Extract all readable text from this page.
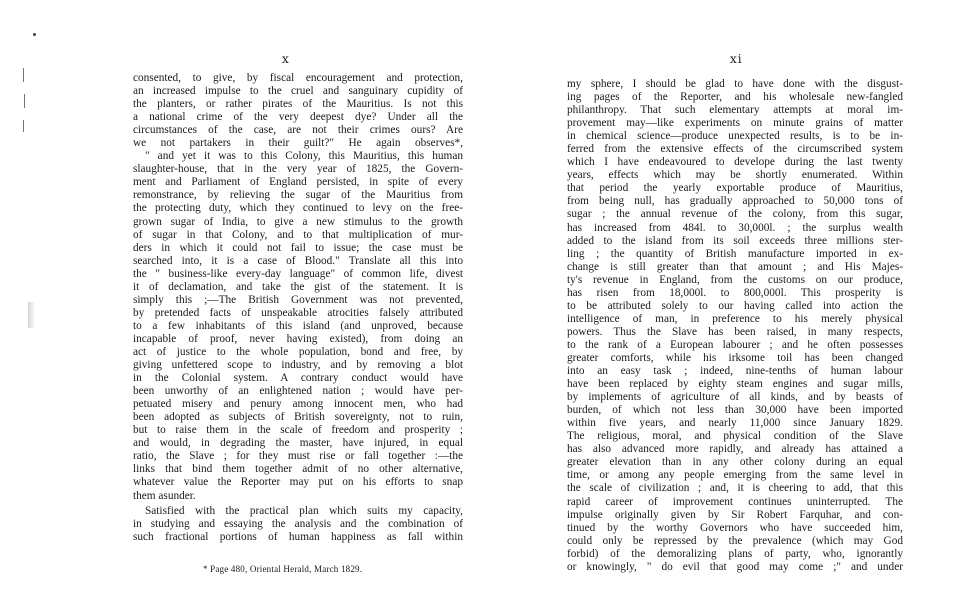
x
consented, to give, by fiscal encouragement and protection,
an increased impulse to the cruel and sanguinary cupidity of
the planters, or rather pirates of the Mauritius. Is not this
a national crime of the very deepest dye? Under all the
circumstances of the case, are not their crimes ours? Are
we not partakers in their guilt?" He again observes*,
" and yet it was to this Colony, this Mauritius, this human
slaughter-house, that in the very year of 1825, the Govern-
ment and Parliament of England persisted, in spite of every
remonstrance, by relieving the sugar of the Mauritius from
the protecting duty, which they continued to levy on the free-
grown sugar of India, to give a new stimulus to the growth
of sugar in that Colony, and to that multiplication of mur-
ders in which it could not fail to issue; the case must be
searched into, it is a case of Blood." Translate all this into
the " business-like every-day language" of common life, divest
it of declamation, and take the gist of the statement. It is
simply this ;—The British Government was not prevented,
by pretended facts of unspeakable atrocities falsely attributed
to a few inhabitants of this island (and unproved, because
incapable of proof, never having existed), from doing an
act of justice to the whole population, bond and free, by
giving unfettered scope to industry, and by removing a blot
in the Colonial system. A contrary conduct would have
been unworthy of an enlightened nation ; would have per-
petuated misery and penury among innocent men, who had
been adopted as subjects of British sovereignty, not to ruin,
but to raise them in the scale of freedom and prosperity ;
and would, in degrading the master, have injured, in equal
ratio, the Slave ; for they must rise or fall together :—the
links that bind them together admit of no other alternative,
whatever value the Reporter may put on his efforts to snap
them asunder.
Satisfied with the practical plan which suits my capacity,
in studying and essaying the analysis and the combination of
such fractional portions of human happiness as fall within
* Page 480, Oriental Herald, March 1829.
xi
my sphere, I should be glad to have done with the disgust-
ing pages of the Reporter, and his wholesale new-fangled
philanthropy. That such elementary attempts at moral im-
provement may—like experiments on minute grains of matter
in chemical science—produce unexpected results, is to be in-
ferred from the extensive effects of the circumscribed system
which I have endeavoured to develope during the last twenty
years, effects which may be shortly enumerated. Within
that period the yearly exportable produce of Mauritius,
from being null, has gradually approached to 50,000 tons of
sugar ; the annual revenue of the colony, from this sugar,
has increased from 484l. to 30,000l. ; the surplus wealth
added to the island from its soil exceeds three millions ster-
ling ; the quantity of British manufacture imported in ex-
change is still greater than that amount ; and His Majes-
ty's revenue in England, from the customs on our produce,
has risen from 18,000l. to 800,000l. This prosperity is
to be attributed solely to our having called into action the
intelligence of man, in preference to his merely physical
powers. Thus the Slave has been raised, in many respects,
to the rank of a European labourer ; and he often possesses
greater comforts, while his irksome toil has been changed
into an easy task ; indeed, nine-tenths of human labour
have been replaced by eighty steam engines and sugar mills,
by implements of agriculture of all kinds, and by beasts of
burden, of which not less than 30,000 have been imported
within five years, and nearly 11,000 since January 1829.
The religious, moral, and physical condition of the Slave
has also advanced more rapidly, and already has attained a
greater elevation than in any other colony during an equal
time, or among any people emerging from the same level in
the scale of civilization ; and, it is cheering to add, that this
rapid career of improvement continues uninterrupted. The
impulse originally given by Sir Robert Farquhar, and con-
tinued by the worthy Governors who have succeeded him,
could only be repressed by the prevalence (which may God
forbid) of the demoralizing plans of party, who, ignorantly
or knowingly, " do evil that good may come ;" and under
